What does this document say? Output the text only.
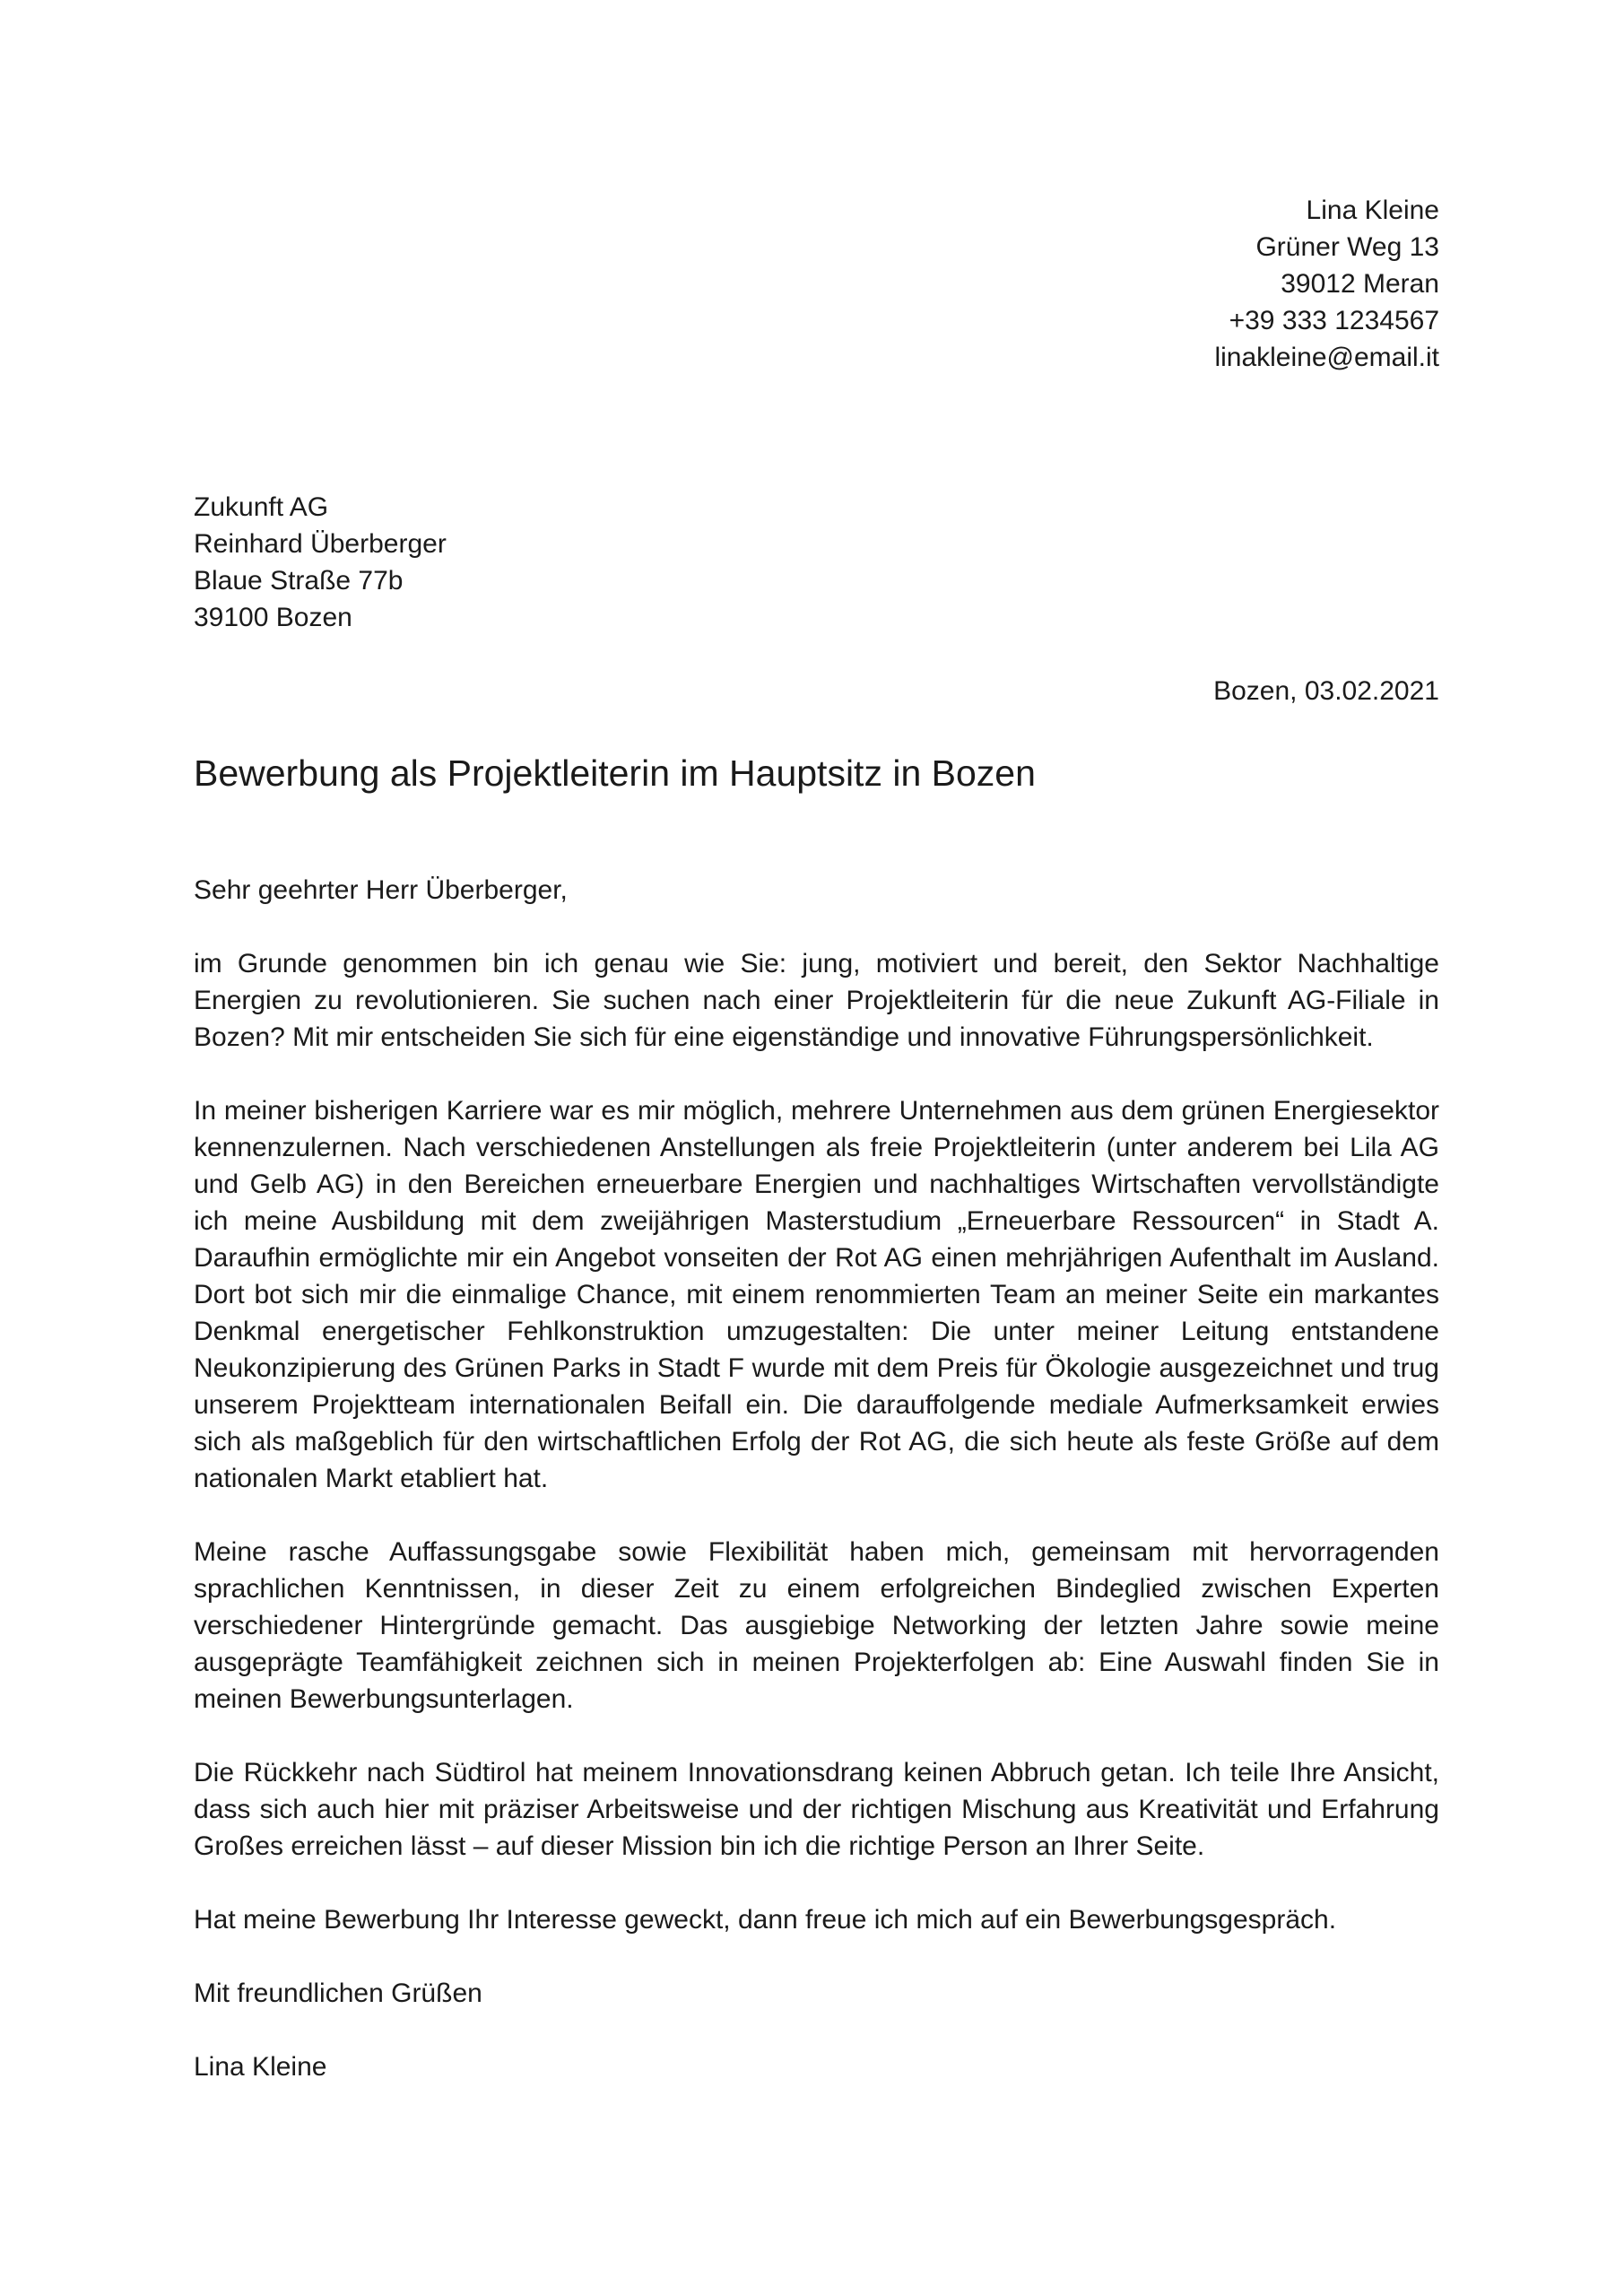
Lina Kleine
Grüner Weg 13
39012 Meran
+39 333 1234567
linakleine@email.it
Zukunft AG
Reinhard Überberger
Blaue Straße 77b
39100 Bozen
Bozen, 03.02.2021
Bewerbung als Projektleiterin im Hauptsitz in Bozen

Sehr geehrter Herr Überberger,

im Grunde genommen bin ich genau wie Sie: jung, motiviert und bereit, den Sektor Nachhaltige Energien zu revolutionieren. Sie suchen nach einer Projektleiterin für die neue Zukunft AG-Filiale in Bozen? Mit mir entscheiden Sie sich für eine eigenständige und innovative Führungspersönlichkeit.

In meiner bisherigen Karriere war es mir möglich, mehrere Unternehmen aus dem grünen Energiesektor kennenzulernen. Nach verschiedenen Anstellungen als freie Projektleiterin (unter anderem bei Lila AG und Gelb AG) in den Bereichen erneuerbare Energien und nachhaltiges Wirtschaften vervollständigte ich meine Ausbildung mit dem zweijährigen Masterstudium „Erneuerbare Ressourcen“ in Stadt A. Daraufhin ermöglichte mir ein Angebot vonseiten der Rot AG einen mehrjährigen Aufenthalt im Ausland. Dort bot sich mir die einmalige Chance, mit einem renommierten Team an meiner Seite ein markantes Denkmal energetischer Fehlkonstruktion umzugestalten: Die unter meiner Leitung entstandene Neukonzipierung des Grünen Parks in Stadt F wurde mit dem Preis für Ökologie ausgezeichnet und trug unserem Projektteam internationalen Beifall ein. Die darauffolgende mediale Aufmerksamkeit erwies sich als maßgeblich für den wirtschaftlichen Erfolg der Rot AG, die sich heute als feste Größe auf dem nationalen Markt etabliert hat.

Meine rasche Auffassungsgabe sowie Flexibilität haben mich, gemeinsam mit hervorragenden sprachlichen Kenntnissen, in dieser Zeit zu einem erfolgreichen Bindeglied zwischen Experten verschiedener Hintergründe gemacht. Das ausgiebige Networking der letzten Jahre sowie meine ausgeprägte Teamfähigkeit zeichnen sich in meinen Projekterfolgen ab: Eine Auswahl finden Sie in meinen Bewerbungsunterlagen.

Die Rückkehr nach Südtirol hat meinem Innovationsdrang keinen Abbruch getan. Ich teile Ihre Ansicht, dass sich auch hier mit präziser Arbeitsweise und der richtigen Mischung aus Kreativität und Erfahrung Großes erreichen lässt – auf dieser Mission bin ich die richtige Person an Ihrer Seite.

Hat meine Bewerbung Ihr Interesse geweckt, dann freue ich mich auf ein Bewerbungsgespräch.

Mit freundlichen Grüßen

Lina Kleine
